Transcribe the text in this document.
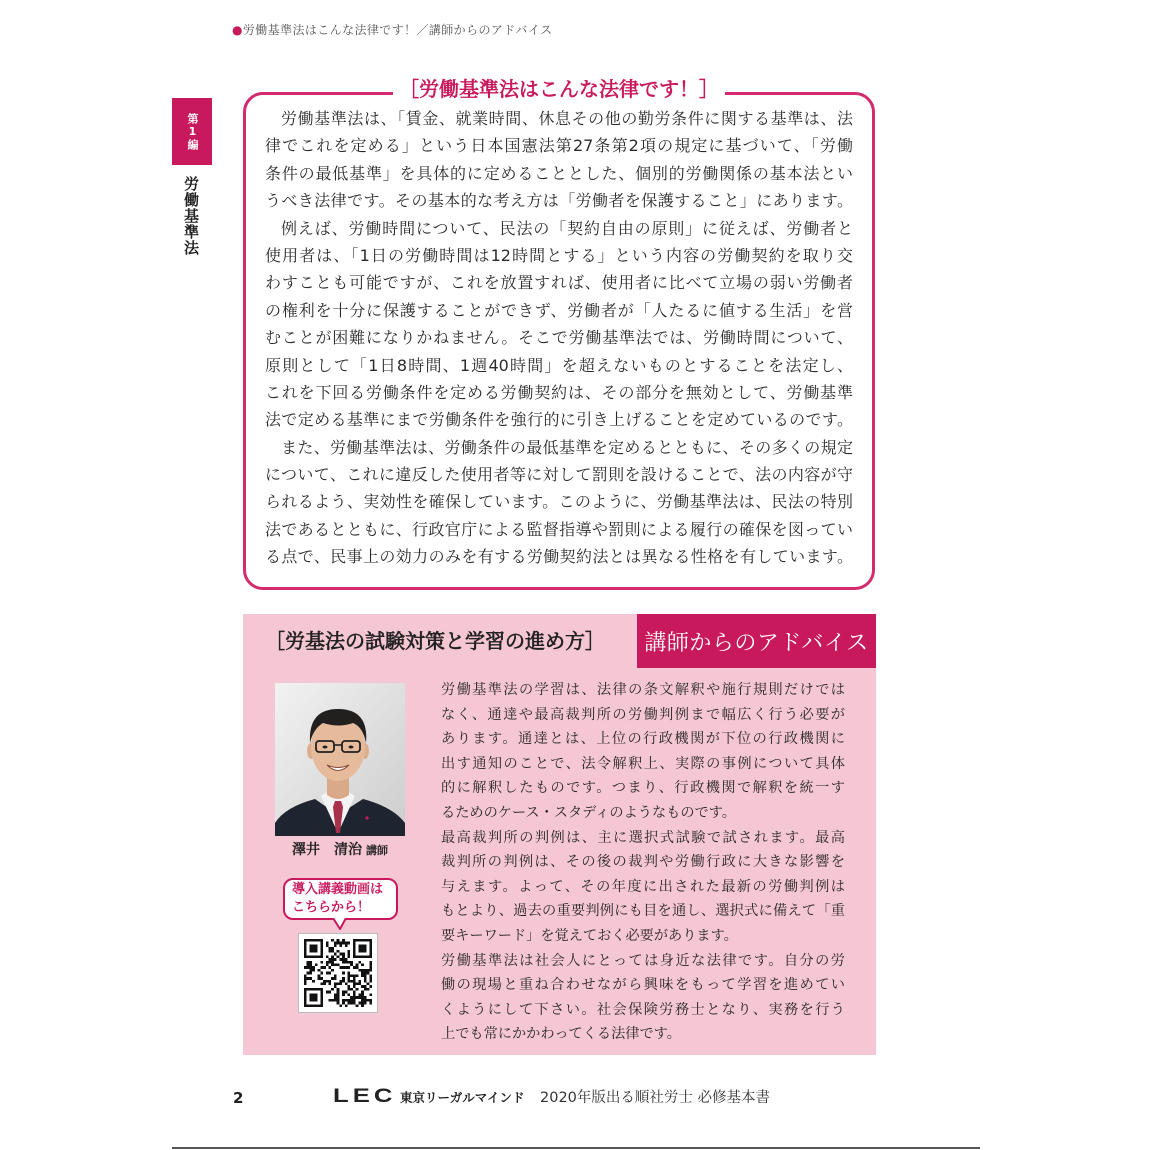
●労働基準法はこんな法律です！／講師からのアドバイス
第1編
労働基準法
［労働基準法はこんな法律です！］
労働基準法は、「賃金、就業時間、休息その他の勤労条件に関する基準は、法
律でこれを定める」という日本国憲法第27条第2項の規定に基づいて、「労働
条件の最低基準」を具体的に定めることとした、個別的労働関係の基本法とい
うべき法律です。その基本的な考え方は「労働者を保護すること」にあります。
例えば、労働時間について、民法の「契約自由の原則」に従えば、労働者と
使用者は、「1日の労働時間は12時間とする」という内容の労働契約を取り交
わすことも可能ですが、これを放置すれば、使用者に比べて立場の弱い労働者
の権利を十分に保護することができず、労働者が「人たるに値する生活」を営
むことが困難になりかねません。そこで労働基準法では、労働時間について、
原則として「1日8時間、1週40時間」を超えないものとすることを法定し、
これを下回る労働条件を定める労働契約は、その部分を無効として、労働基準
法で定める基準にまで労働条件を強行的に引き上げることを定めているのです。
また、労働基準法は、労働条件の最低基準を定めるとともに、その多くの規定
について、これに違反した使用者等に対して罰則を設けることで、法の内容が守
られるよう、実効性を確保しています。このように、労働基準法は、民法の特別
法であるとともに、行政官庁による監督指導や罰則による履行の確保を図ってい
る点で、民事上の効力のみを有する労働契約法とは異なる性格を有しています。
［労基法の試験対策と学習の進め方］	講師からのアドバイス
澤井　清治 講師
導入講義動画は
こちらから！
労働基準法の学習は、法律の条文解釈や施行規則だけでは
なく、通達や最高裁判所の労働判例まで幅広く行う必要が
あります。通達とは、上位の行政機関が下位の行政機関に
出す通知のことで、法令解釈上、実際の事例について具体
的に解釈したものです。つまり、行政機関で解釈を統一す
るためのケース・スタディのようなものです。
最高裁判所の判例は、主に選択式試験で試されます。最高
裁判所の判例は、その後の裁判や労働行政に大きな影響を
与えます。よって、その年度に出された最新の労働判例は
もとより、過去の重要判例にも目を通し、選択式に備えて「重
要キーワード」を覚えておく必要があります。
労働基準法は社会人にとっては身近な法律です。自分の労
働の現場と重ね合わせながら興味をもって学習を進めてい
くようにして下さい。社会保険労務士となり、実務を行う
上でも常にかかわってくる法律です。
2	LEC 東京リーガルマインド 2020年版出る順社労士 必修基本書
